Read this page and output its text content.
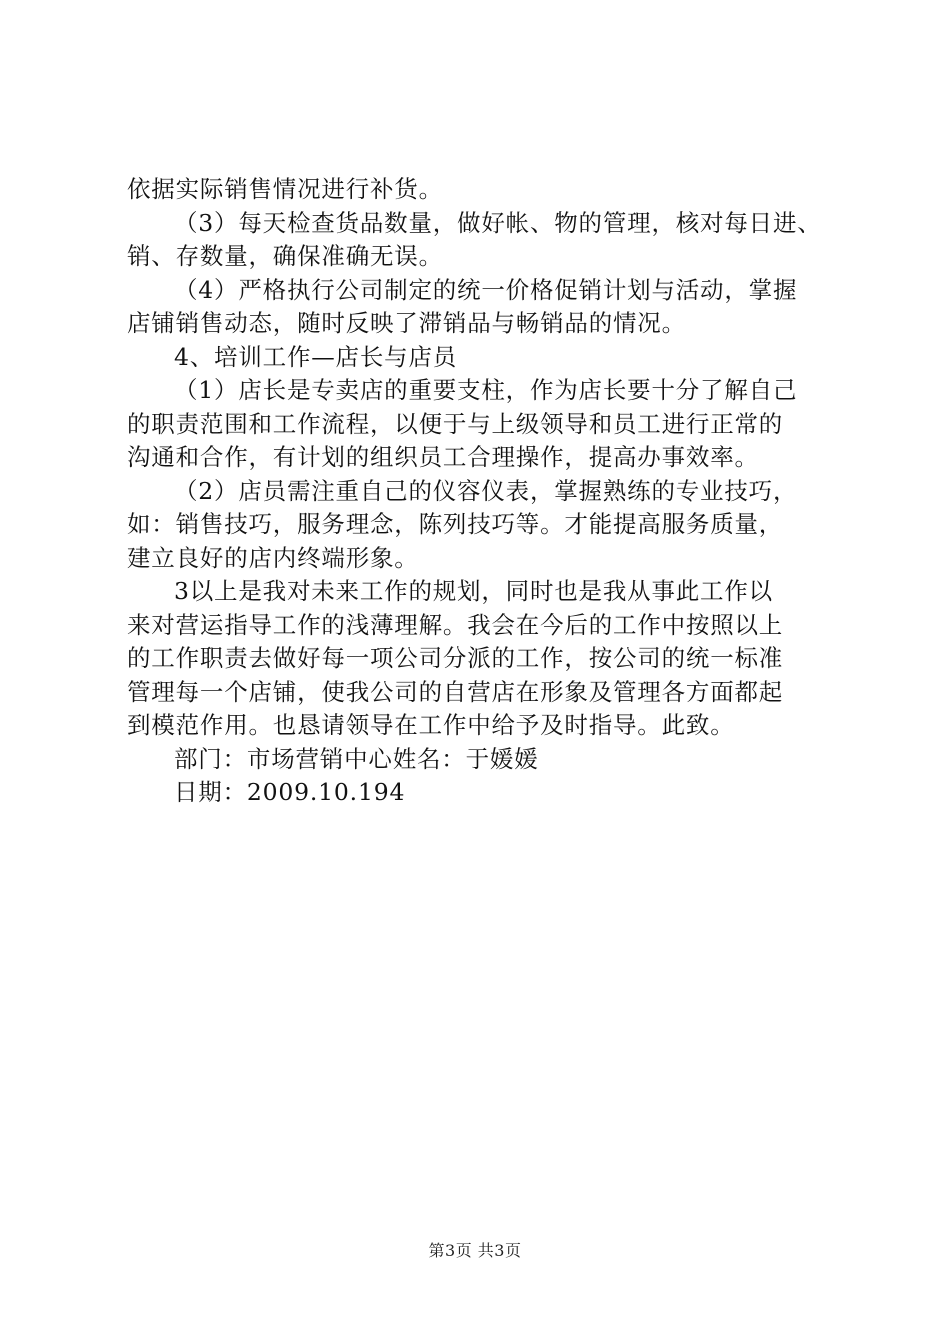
依据实际销售情况进行补货。
（3）每天检查货品数量，做好帐、物的管理，核对每日进、
销、存数量，确保准确无误。
（4）严格执行公司制定的统一价格促销计划与活动，掌握
店铺销售动态，随时反映了滞销品与畅销品的情况。
4、培训工作—店长与店员
（1）店长是专卖店的重要支柱，作为店长要十分了解自己
的职责范围和工作流程，以便于与上级领导和员工进行正常的
沟通和合作，有计划的组织员工合理操作，提高办事效率。
（2）店员需注重自己的仪容仪表，掌握熟练的专业技巧，
如：销售技巧，服务理念，陈列技巧等。才能提高服务质量，
建立良好的店内终端形象。
3以上是我对未来工作的规划，同时也是我从事此工作以
来对营运指导工作的浅薄理解。我会在今后的工作中按照以上
的工作职责去做好每一项公司分派的工作，按公司的统一标准
管理每一个店铺，使我公司的自营店在形象及管理各方面都起
到模范作用。也恳请领导在工作中给予及时指导。此致。
部门：市场营销中心姓名：于媛媛
日期：2009.10.194
第3页 共3页
